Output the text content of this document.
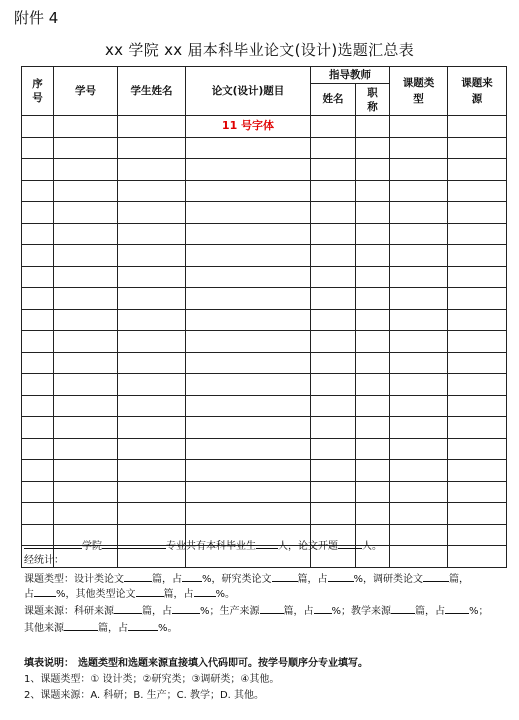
附件 4
xx 学院 xx 届本科毕业论文(设计)选题汇总表
序号	学号	学生姓名	论文(设计)题目	指导教师		课题类型	课题来源
				姓名	职称		
			11 号字体				

学院	专业共有本科毕业生 人，论文开题 人。
经统计：
课题类型：设计类论文	篇，占 %，研究类论文	篇，占	%，调研类论文	篇，
占 %，其他类型论文	篇，占 %。
课题来源：科研来源	篇，占	%；生产来源 篇，占 %；教学来源 篇，占 %；
其他来源	篇，占	%。
填表说明： 选题类型和选题来源直接填入代码即可。按学号顺序分专业填写。
1、课题类型：① 设计类；②研究类；③调研类；④其他。
2、课题来源：A. 科研；B. 生产；C. 教学；D. 其他。
